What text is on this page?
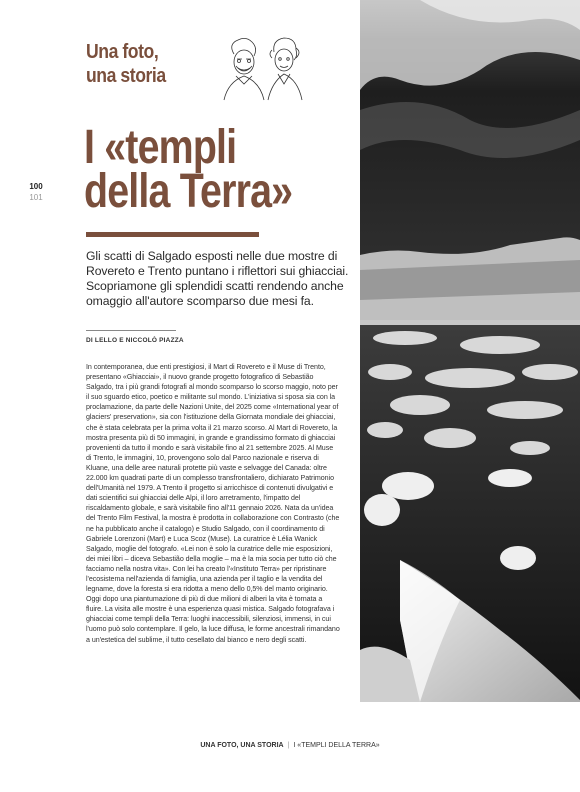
Una foto,
una storia
100
101
I «templi
della Terra»
Gli scatti di Salgado esposti nelle due mostre di Rovereto e Trento puntano i riflettori sui ghiacciai. Scopriamone gli splendidi scatti rendendo anche omaggio all'autore scomparso due mesi fa.
DI LELLO E NICCOLÒ PIAZZA
In contemporanea, due enti prestigiosi, il Mart di Rovereto e il Muse di Trento, presentano «Ghiacciai», il nuovo grande progetto fotografico di Sebastião Salgado, tra i più grandi fotografi al mondo scomparso lo scorso maggio, noto per il suo sguardo etico, poetico e militante sul mondo. L'iniziativa si sposa sia con la proclamazione, da parte delle Nazioni Unite, del 2025 come «International year of glaciers' preservation», sia con l'istituzione della Giornata mondiale dei ghiacciai, che è stata celebrata per la prima volta il 21 marzo scorso. Al Mart di Rovereto, la mostra presenta più di 50 immagini, in grande e grandissimo formato di ghiacciai provenienti da tutto il mondo e sarà visitabile fino al 21 settembre 2025. Al Muse di Trento, le immagini, 10, provengono solo dal Parco nazionale e riserva di Kluane, una delle aree naturali protette più vaste e selvagge del Canada: oltre 22.000 km quadrati parte di un complesso transfrontaliero, dichiarato Patrimonio dell'Umanità nel 1979. A Trento il progetto si arricchisce di contenuti divulgativi e dati scientifici sui ghiacciai delle Alpi, il loro arretramento, l'impatto del riscaldamento globale, e sarà visitabile fino all'11 gennaio 2026. Nata da un'idea del Trento Film Festival, la mostra è prodotta in collaborazione con Contrasto (che ne ha pubblicato anche il catalogo) e Studio Salgado, con il coordinamento di Gabriele Lorenzoni (Mart) e Luca Scoz (Muse). La curatrice è Lélia Wanick Salgado, moglie del fotografo. «Lei non è solo la curatrice delle mie esposizioni, dei miei libri – diceva Sebastião della moglie – ma è la mia socia per tutto ciò che facciamo nella nostra vita». Con lei ha creato l'«Instituto Terra» per ripristinare l'ecosistema nell'azienda di famiglia, una azienda per il taglio e la vendita del legname, dove la foresta si era ridotta a meno dello 0,5% del manto originario. Oggi dopo una piantumazione di più di due milioni di alberi la vita è tornata a fluire. La visita alle mostre è una esperienza quasi mistica. Salgado fotografava i ghiacciai come templi della Terra: luoghi inaccessibili, silenziosi, immensi, in cui l'uomo può solo contemplare. Il gelo, la luce diffusa, le forme ancestrali rimandano a un'estetica del sublime, il tutto cesellato dal bianco e nero degli scatti.
UNA FOTO, UNA STORIA | I «TEMPLI DELLA TERRA»
